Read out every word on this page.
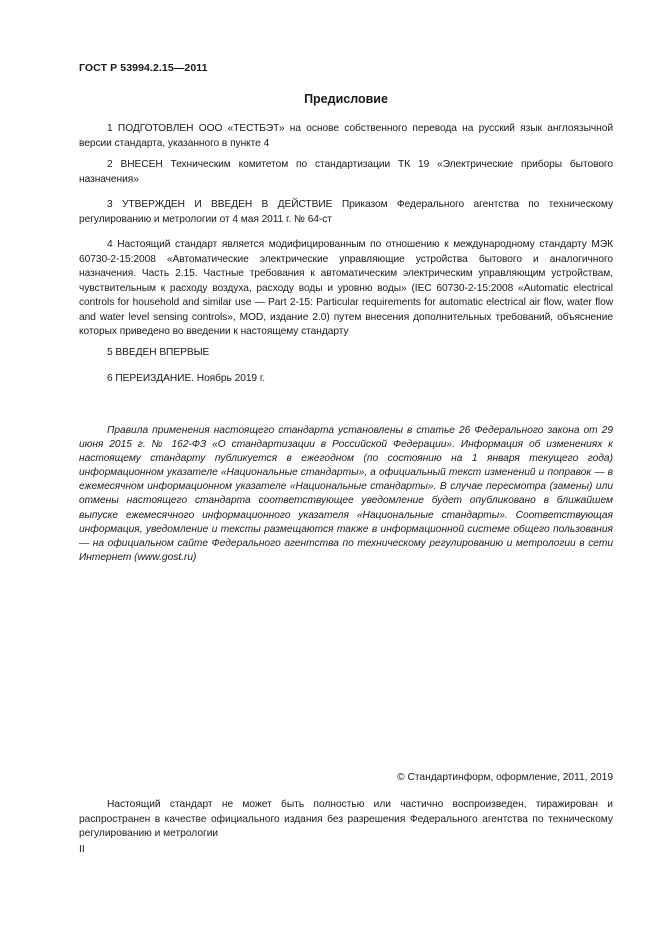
ГОСТ Р 53994.2.15—2011
Предисловие

1 ПОДГОТОВЛЕН ООО «ТЕСТБЭТ» на основе собственного перевода на русский язык англоязычной версии стандарта, указанного в пункте 4

2 ВНЕСЕН Техническим комитетом по стандартизации ТК 19 «Электрические приборы бытового назначения»

3 УТВЕРЖДЕН И ВВЕДЕН В ДЕЙСТВИЕ Приказом Федерального агентства по техническому регулированию и метрологии от 4 мая 2011 г. № 64-ст

4 Настоящий стандарт является модифицированным по отношению к международному стандарту МЭК 60730-2-15:2008 «Автоматические электрические управляющие устройства бытового и аналогичного назначения. Часть 2.15. Частные требования к автоматическим электрическим управляющим устройствам, чувствительным к расходу воздуха, расходу воды и уровню воды» (IEC 60730-2-15:2008 «Automatic electrical controls for household and similar use — Part 2-15: Particular requirements for automatic electrical air flow, water flow and water level sensing controls», MOD, издание 2.0) путем внесения дополнительных требований, объяснение которых приведено во введении к настоящему стандарту

5 ВВЕДЕН ВПЕРВЫЕ

6 ПЕРЕИЗДАНИЕ. Ноябрь 2019 г.

Правила применения настоящего стандарта установлены в статье 26 Федерального закона от 29 июня 2015 г. № 162-ФЗ «О стандартизации в Российской Федерации». Информация об изменениях к настоящему стандарту публикуется в ежегодном (по состоянию на 1 января текущего года) информационном указателе «Национальные стандарты», а официальный текст изменений и поправок — в ежемесячном информационном указателе «Национальные стандарты». В случае пересмотра (замены) или отмены настоящего стандарта соответствующее уведомление будет опубликовано в ближайшем выпуске ежемесячного информационного указателя «Национальные стандарты». Соответствующая информация, уведомление и тексты размещаются также в информационной системе общего пользования — на официальном сайте Федерального агентства по техническому регулированию и метрологии в сети Интернет (www.gost.ru)

© Стандартинформ, оформление, 2011, 2019

Настоящий стандарт не может быть полностью или частично воспроизведен, тиражирован и распространен в качестве официального издания без разрешения Федерального агентства по техническому регулированию и метрологии

II
